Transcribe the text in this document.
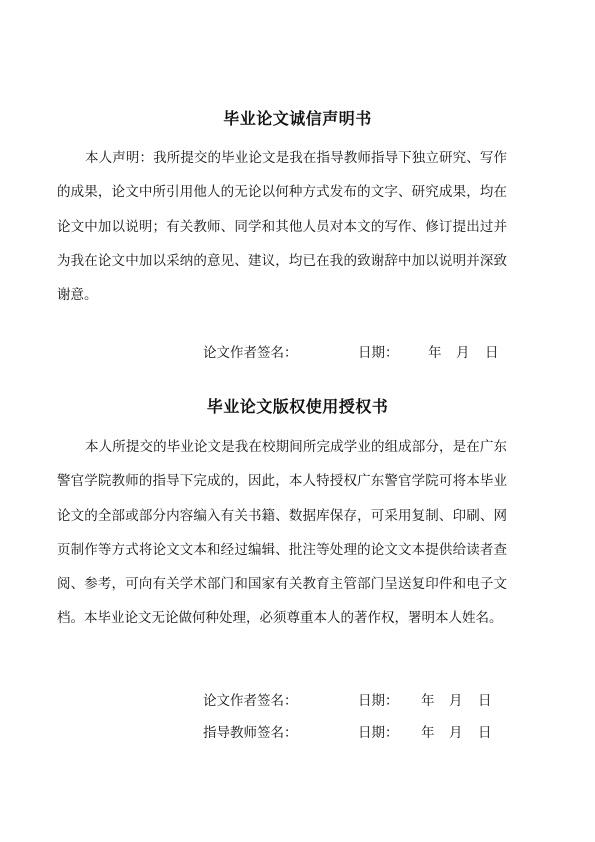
毕业论文诚信声明书
本人声明：我所提交的毕业论文是我在指导教师指导下独立研究、写作的成果，论文中所引用他人的无论以何种方式发布的文字、研究成果，均在论文中加以说明；有关教师、同学和其他人员对本文的写作、修订提出过并为我在论文中加以采纳的意见、建议，均已在我的致谢辞中加以说明并深致谢意。
论文作者签名：	日期： 年 月 日
毕业论文版权使用授权书
本人所提交的毕业论文是我在校期间所完成学业的组成部分，是在广东警官学院教师的指导下完成的，因此，本人特授权广东警官学院可将本毕业论文的全部或部分内容编入有关书籍、数据库保存，可采用复制、印刷、网页制作等方式将论文文本和经过编辑、批注等处理的论文文本提供给读者查阅、参考，可向有关学术部门和国家有关教育主管部门呈送复印件和电子文档。本毕业论文无论做何种处理，必须尊重本人的著作权，署明本人姓名。
论文作者签名：	日期： 年 月 日
指导教师签名：	日期： 年 月 日
